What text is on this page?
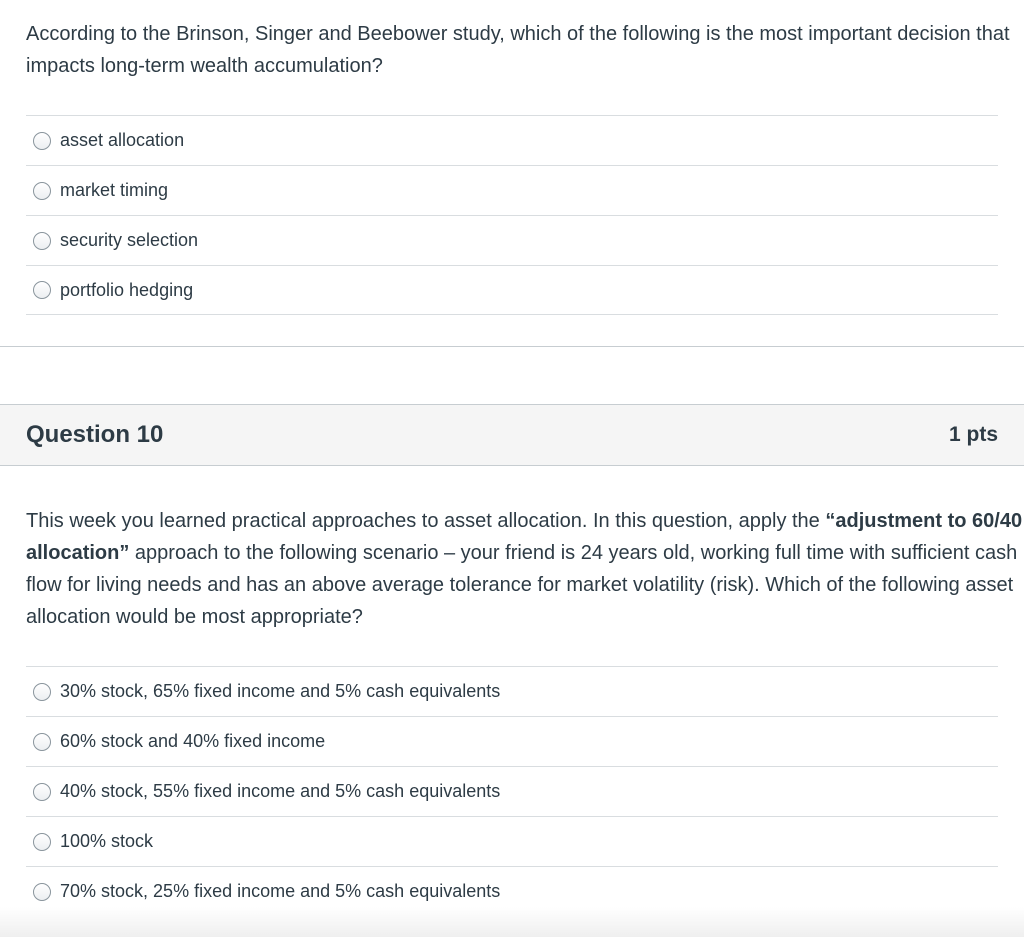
According to the Brinson, Singer and Beebower study, which of the following is the most important decision that impacts long-term wealth accumulation?

asset allocation
market timing
security selection
portfolio hedging
Question 10	1 pts

This week you learned practical approaches to asset allocation. In this question, apply the “adjustment to 60/40 allocation” approach to the following scenario – your friend is 24 years old, working full time with sufficient cash flow for living needs and has an above average tolerance for market volatility (risk). Which of the following asset allocation would be most appropriate?

30% stock, 65% fixed income and 5% cash equivalents
60% stock and 40% fixed income
40% stock, 55% fixed income and 5% cash equivalents
100% stock
70% stock, 25% fixed income and 5% cash equivalents
